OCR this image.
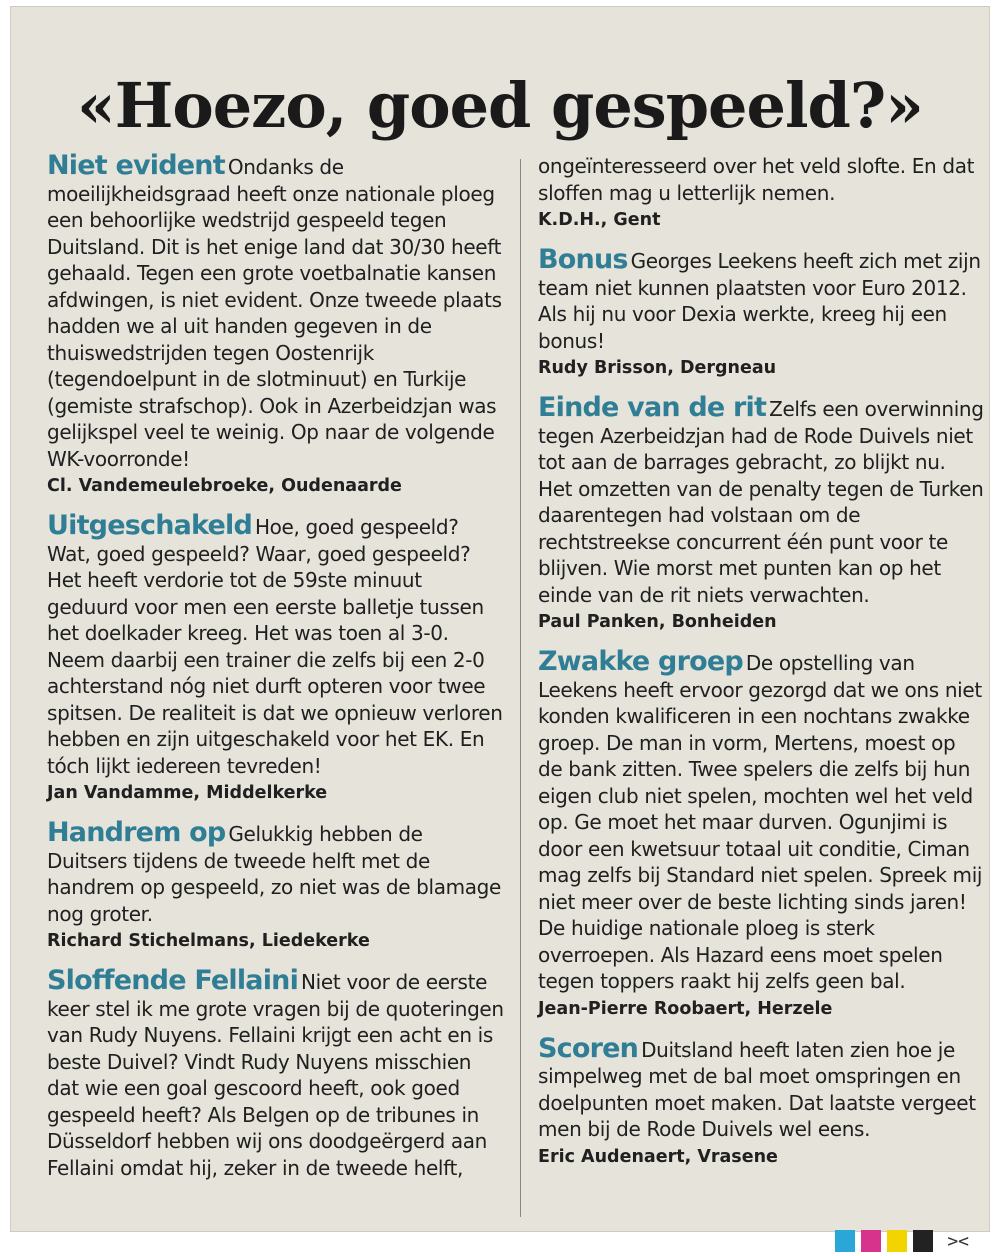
«Hoezo, goed gespeeld?»

Niet evident Ondanks de moeilijkheidsgraad heeft onze nationale ploeg een behoorlijke wedstrijd gespeeld tegen Duitsland. Dit is het enige land dat 30/30 heeft gehaald. Tegen een grote voetbalnatie kansen afdwingen, is niet evident. Onze tweede plaats hadden we al uit handen gegeven in de thuiswedstrijden tegen Oostenrijk (tegendoelpunt in de slotminuut) en Turkije (gemiste strafschop). Ook in Azerbeidzjan was gelijkspel veel te weinig. Op naar de volgende WK-voorronde!

Cl. Vandemeulebroeke, Oudenaarde

Uitgeschakeld Hoe, goed gespeeld? Wat, goed gespeeld? Waar, goed gespeeld? Het heeft verdorie tot de 59ste minuut geduurd voor men een eerste balletje tussen het doelkader kreeg. Het was toen al 3-0. Neem daarbij een trainer die zelfs bij een 2-0 achterstand nóg niet durft opteren voor twee spitsen. De realiteit is dat we opnieuw verloren hebben en zijn uitgeschakeld voor het EK. En tóch lijkt iedereen tevreden!

Jan Vandamme, Middelkerke

Handrem op Gelukkig hebben de Duitsers tijdens de tweede helft met de handrem op gespeeld, zo niet was de blamage nog groter.

Richard Stichelmans, Liedekerke

Sloffende Fellaini Niet voor de eerste keer stel ik me grote vragen bij de quoteringen van Rudy Nuyens. Fellaini krijgt een acht en is beste Duivel? Vindt Rudy Nuyens misschien dat wie een goal gescoord heeft, ook goed gespeeld heeft? Als Belgen op de tribunes in Düsseldorf hebben wij ons doodgeërgerd aan Fellaini omdat hij, zeker in de tweede helft,

ongeïnteresseerd over het veld slofte. En dat sloffen mag u letterlijk nemen.

K.D.H., Gent

Bonus Georges Leekens heeft zich met zijn team niet kunnen plaatsten voor Euro 2012. Als hij nu voor Dexia werkte, kreeg hij een bonus!

Rudy Brisson, Dergneau

Einde van de rit Zelfs een overwinning tegen Azerbeidzjan had de Rode Duivels niet tot aan de barrages gebracht, zo blijkt nu. Het omzetten van de penalty tegen de Turken daarentegen had volstaan om de rechtstreekse concurrent één punt voor te blijven. Wie morst met punten kan op het einde van de rit niets verwachten.

Paul Panken, Bonheiden

Zwakke groep De opstelling van Leekens heeft ervoor gezorgd dat we ons niet konden kwalificeren in een nochtans zwakke groep. De man in vorm, Mertens, moest op de bank zitten. Twee spelers die zelfs bij hun eigen club niet spelen, mochten wel het veld op. Ge moet het maar durven. Ogunjimi is door een kwetsuur totaal uit conditie, Ciman mag zelfs bij Standard niet spelen. Spreek mij niet meer over de beste lichting sinds jaren! De huidige nationale ploeg is sterk overroepen. Als Hazard eens moet spelen tegen toppers raakt hij zelfs geen bal.

Jean-Pierre Roobaert, Herzele

Scoren Duitsland heeft laten zien hoe je simpelweg met de bal moet omspringen en doelpunten moet maken. Dat laatste vergeet men bij de Rode Duivels wel eens.

Eric Audenaert, Vrasene
><
